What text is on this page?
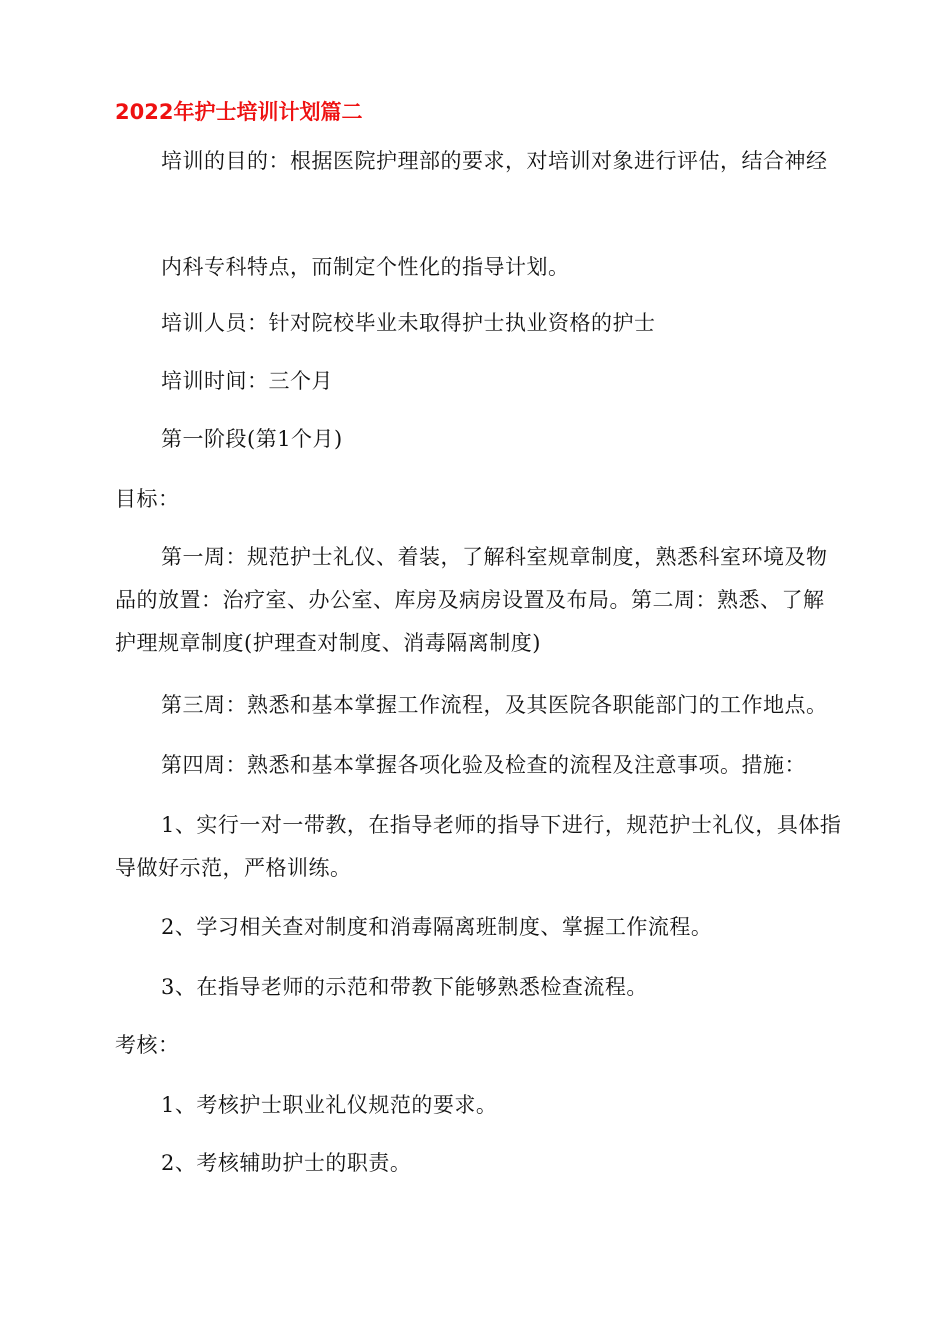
2022年护士培训计划篇二

培训的目的：根据医院护理部的要求，对培训对象进行评估，结合神经

内科专科特点，而制定个性化的指导计划。

培训人员：针对院校毕业未取得护士执业资格的护士

培训时间：三个月

第一阶段(第1个月)

目标：

第一周：规范护士礼仪、着装，了解科室规章制度，熟悉科室环境及物品的放置：治疗室、办公室、库房及病房设置及布局。第二周：熟悉、了解护理规章制度(护理查对制度、消毒隔离制度)

第三周：熟悉和基本掌握工作流程，及其医院各职能部门的工作地点。

第四周：熟悉和基本掌握各项化验及检查的流程及注意事项。措施：

1、实行一对一带教，在指导老师的指导下进行，规范护士礼仪，具体指导做好示范，严格训练。

2、学习相关查对制度和消毒隔离班制度、掌握工作流程。

3、在指导老师的示范和带教下能够熟悉检查流程。

考核：

1、考核护士职业礼仪规范的要求。

2、考核辅助护士的职责。
